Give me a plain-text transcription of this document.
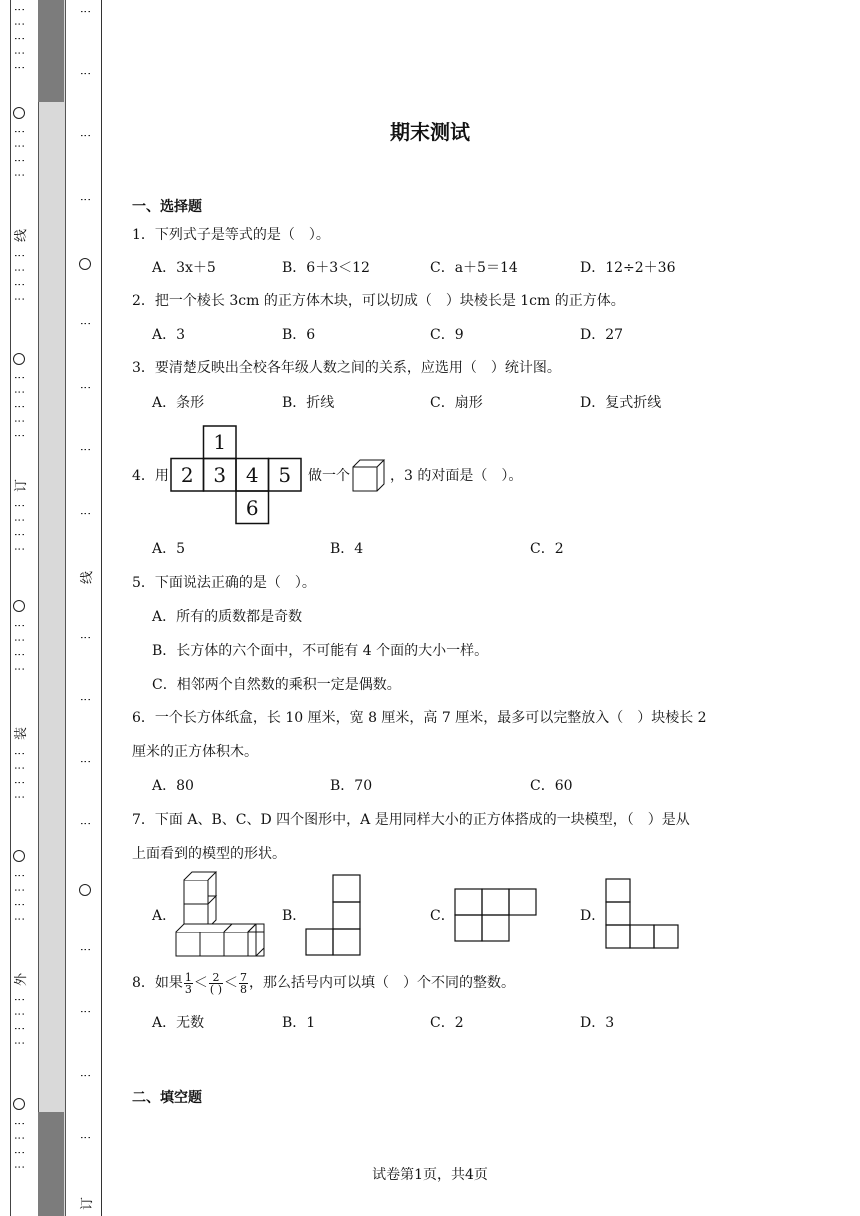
⋮ ⋮ ⋮ ⋮ ⋮
⋮ ⋮ ⋮ ⋮
线
⋮ ⋮ ⋮ ⋮
⋮ ⋮ ⋮ ⋮ ⋮
订
⋮ ⋮ ⋮ ⋮
⋮ ⋮ ⋮ ⋮
装
⋮ ⋮ ⋮ ⋮
⋮ ⋮ ⋮ ⋮
外
⋮ ⋮ ⋮ ⋮
⋮ ⋮ ⋮ ⋮
⋮
⋮
⋮
⋮
⋮
⋮
⋮
⋮
线
⋮
⋮
⋮
⋮
⋮
⋮
⋮
⋮
订
期末测试
一、选择题
1．下列式子是等式的是（　）。
A．3x＋5	B．6＋3＜12	C．a＋5＝14	D．12÷2＋36
2．把一个棱长 3cm 的正方体木块，可以切成（　）块棱长是 1cm 的正方体。
A．3	B．6	C．9	D．27
3．要清楚反映出全校各年级人数之间的关系，应选用（　）统计图。
A．条形	B．折线	C．扇形	D．复式折线
4．用
1
2 3 4 5
6
做一个	，3 的对面是（　）。
A．5	B．4	C．2
5．下面说法正确的是（　）。
A．所有的质数都是奇数
B．长方体的六个面中，不可能有 4 个面的大小一样。
C．相邻两个自然数的乘积一定是偶数。
6．一个长方体纸盒，长 10 厘米，宽 8 厘米，高 7 厘米，最多可以完整放入（　）块棱长 2
厘米的正方体积木。
A．80	B．70	C．60
7．下面 A、B、C、D 四个图形中，A 是用同样大小的正方体搭成的一块模型，（　）是从
上面看到的模型的形状。
A．	B．	C．	D．
8．如果 $\frac{1}{3} < \frac{2}{( )} < \frac{7}{8}$ ，那么括号内可以填（　）个不同的整数。
A．无数	B．1	C．2	D．3
二、填空题
试卷第1页，共4页
